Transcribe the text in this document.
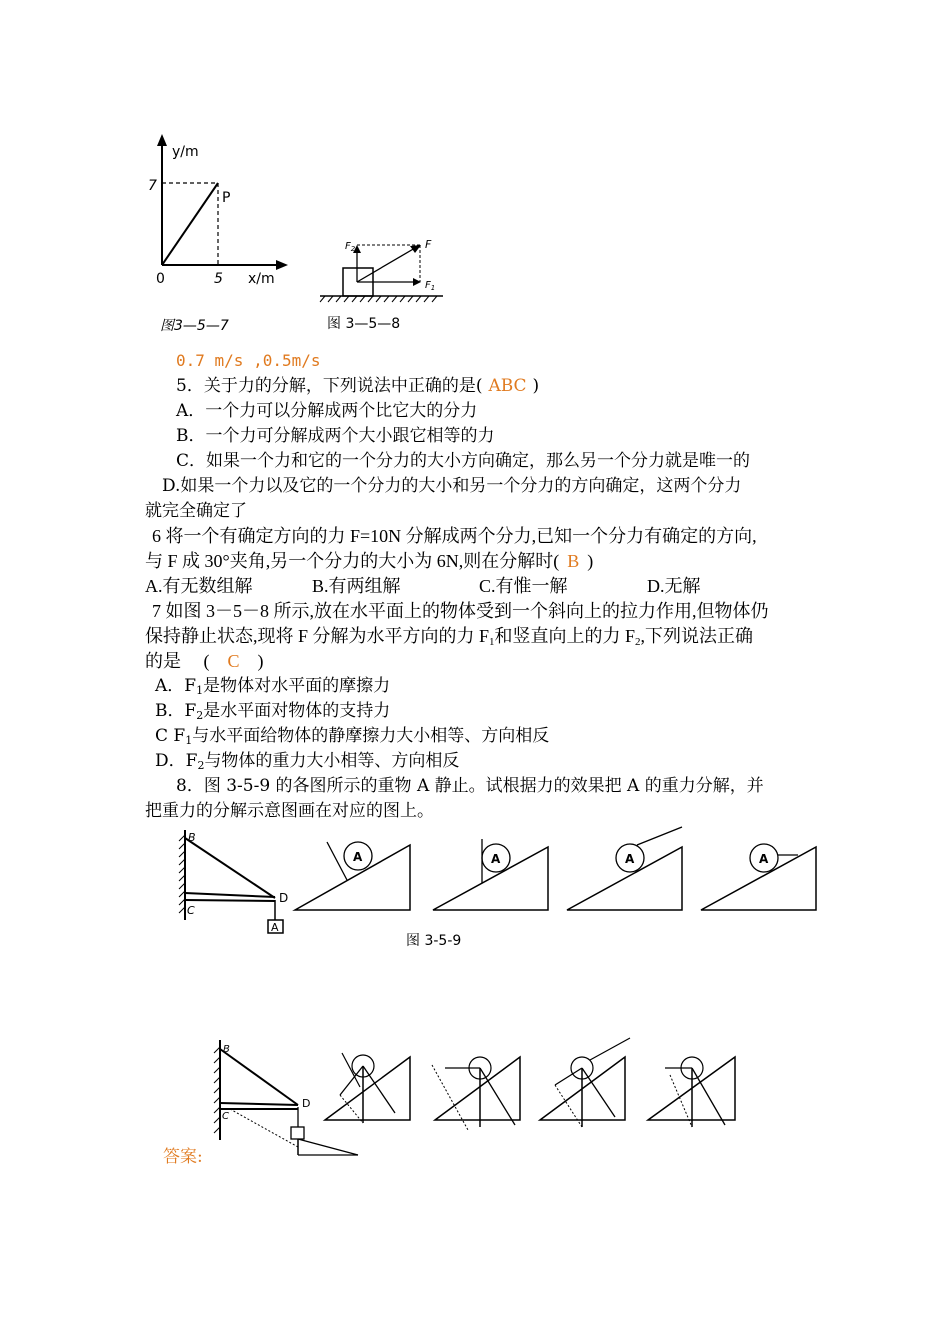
y/m
x/m
7
5
0
P
图3—5—7
$F_2$	F
$F_1$
图 3—5—8
0.7 m/s ,0.5m/s
5．关于力的分解，下列说法中正确的是( ABC )
A．一个力可以分解成两个比它大的分力
B．一个力可分解成两个大小跟它相等的力
C．如果一个力和它的一个分力的大小方向确定，那么另一个分力就是唯一的
D.如果一个力以及它的一个分力的大小和另一个分力的方向确定，这两个分力
就完全确定了
6 将一个有确定方向的力 F=10N 分解成两个分力,已知一个分力有确定的方向,
与 F 成 30°夹角,另一个分力的大小为 6N,则在分解时( B )
A.有无数组解	B.有两组解	C.有惟一解	D.无解
7 如图 3－5－8 所示,放在水平面上的物体受到一个斜向上的拉力作用,但物体仍
保持静止状态,现将 F 分解为水平方向的力 $F_1$和竖直向上的力 $F_2$,下列说法正确
的是　 ( C )
A．$F_1$是物体对水平面的摩擦力
B．$F_2$是水平面对物体的支持力
C $F_1$与水平面给物体的静摩擦力大小相等、方向相反
D．$F_2$与物体的重力大小相等、方向相反
8．图 3-5-9 的各图所示的重物 A 静止。试根据力的效果把 A 的重力分解，并
把重力的分解示意图画在对应的图上。
B
C
D
A
A	A	A	A
图 3-5-9
B
C
D
答案:
